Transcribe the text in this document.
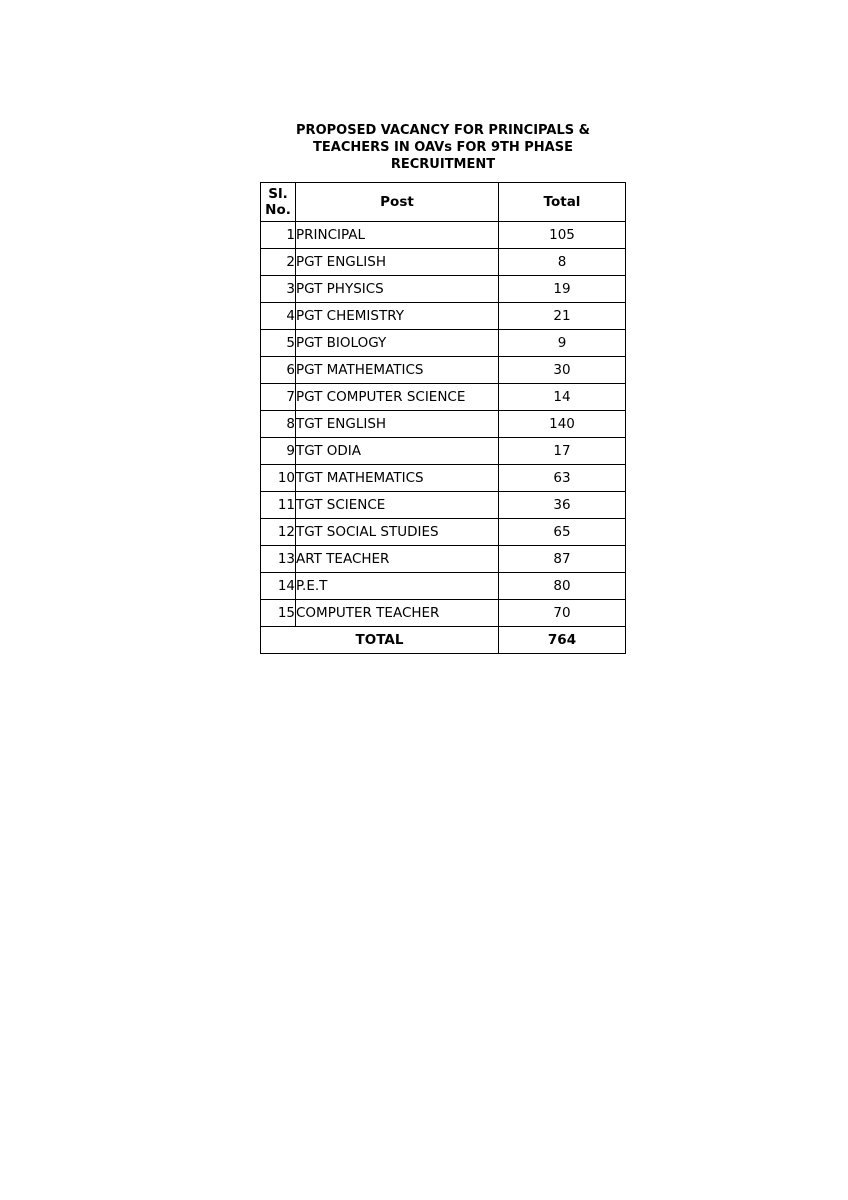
PROPOSED VACANCY FOR PRINCIPALS &
TEACHERS IN OAVs FOR 9TH PHASE
RECRUITMENT
Sl.
No.	Post	Total
1	PRINCIPAL	105
2	PGT ENGLISH	8
3	PGT PHYSICS	19
4	PGT CHEMISTRY	21
5	PGT BIOLOGY	9
6	PGT MATHEMATICS	30
7	PGT COMPUTER SCIENCE	14
8	TGT ENGLISH	140
9	TGT ODIA	17
10	TGT MATHEMATICS	63
11	TGT SCIENCE	36
12	TGT SOCIAL STUDIES	65
13	ART TEACHER	87
14	P.E.T	80
15	COMPUTER TEACHER	70
TOTAL		764
